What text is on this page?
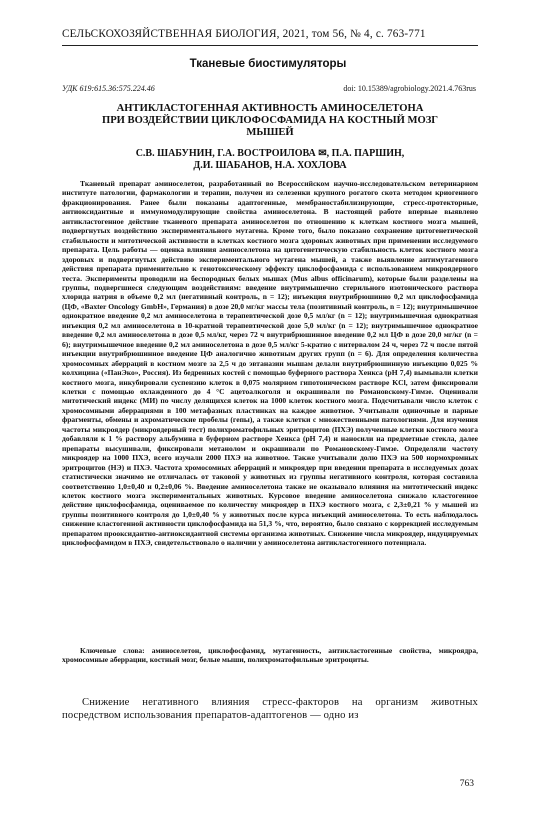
СЕЛЬСКОХОЗЯЙСТВЕННАЯ БИОЛОГИЯ, 2021, том 56, № 4, с. 763-771
Тканевые биостимуляторы
УДК 619:615.36:575.224.46	doi: 10.15389/agrobiology.2021.4.763rus
АНТИКЛАСТОГЕННАЯ АКТИВНОСТЬ АМИНОСЕЛЕТОНА
ПРИ ВОЗДЕЙСТВИИ ЦИКЛОФОСФАМИДА НА КОСТНЫЙ МОЗГ
МЫШЕЙ
С.В. ШАБУНИН, Г.А. ВОСТРОИЛОВА ✉, П.А. ПАРШИН,
Д.И. ШАБАНОВ, Н.А. ХОХЛОВА
Тканевый препарат аминоселетон, разработанный во Всероссийском научно-исследовательском ветеринарном институте патологии, фармакологии и терапии, получен из селезенки крупного рогатого скота методом криогенного фракционирования. Ранее были показаны адаптогенные, мембраностабилизирующие, стресс-протекторные, антиоксидантные и иммуномодулирующие свойства аминоселетона. В настоящей работе впервые выявлено антикластогенное действие тканевого препарата аминоселетон по отношению к клеткам костного мозга мышей, подвергнутых воздействию экспериментального мутагена. Кроме того, было показано сохранение цитогенетической стабильности и митотической активности в клетках костного мозга здоровых животных при применении исследуемого препарата. Цель работы — оценка влияния аминоселетона на цитогенетическую стабильность клеток костного мозга здоровых и подвергнутых действию экспериментального мутагена мышей, а также выявление антимутагенного действия препарата применительно к генотоксическому эффекту циклофосфамида с использованием микроядерного теста. Эксперименты проводили на беспородных белых мышах (Mus albus officinarum), которые были разделены на группы, подвергшиеся следующим воздействиям: введение внутримышечно стерильного изотонического раствора хлорида натрия в объеме 0,2 мл (негативный контроль, n = 12); инъекция внутрибрюшинно 0,2 мл циклофосфамида (ЦФ, «Baxter Oncology GmbH», Германия) в дозе 20,0 мг/кг массы тела (позитивный контроль, n = 12); внутримышечное однократное введение 0,2 мл аминоселетона в терапевтической дозе 0,5 мл/кг (n = 12); внутримышечная однократная инъекция 0,2 мл аминоселетона в 10-кратной терапевтической дозе 5,0 мл/кг (n = 12); внутримышечное однократное введение 0,2 мл аминоселетона в дозе 0,5 мл/кг, через 72 ч внутрибрюшинное введение 0,2 мл ЦФ в дозе 20,0 мг/кг (n = 6); внутримышечное введение 0,2 мл аминоселетона в дозе 0,5 мл/кг 5-кратно с интервалом 24 ч, через 72 ч после пятой инъекции внутрибрюшинное введение ЦФ аналогично животным других групп (n = 6). Для определения количества хромосомных аберраций в костном мозге за 2,5 ч до эвтаназии мышам делали внутрибрюшинную инъекцию 0,025 % колхицина («ПанЭко», Россия). Из бедренных костей с помощью буферного раствора Хенкса (рН 7,4) вымывали клетки костного мозга, инкубировали суспензию клеток в 0,075 молярном гипотоническом растворе KCl, затем фиксировали клетки с помощью охлажденного до 4 °С ацетоалкоголя и окрашивали по Романовскому-Гимзе. Оценивали митотический индекс (МИ) по числу делящихся клеток на 1000 клеток костного мозга. Подсчитывали число клеток с хромосомными аберрациями в 100 метафазных пластинках на каждое животное. Учитывали одиночные и парные фрагменты, обмены и ахроматические пробелы (гепы), а также клетки с множественными патологиями. Для изучения частоты микроядер (микроядерный тест) полихроматофильных эритроцитов (ПХЭ) полученные клетки костного мозга добавляли к 1 % раствору альбумина в буферном растворе Хенкса (рН 7,4) и наносили на предметные стекла, далее препараты высушивали, фиксировали метанолом и окрашивали по Романовскому-Гимзе. Определяли частоту микроядер на 1000 ПХЭ, всего изучали 2000 ПХЭ на животное. Также учитывали долю ПХЭ на 500 нормохромных эритроцитов (НЭ) и ПХЭ. Частота хромосомных аберраций и микроядер при введении препарата в исследуемых дозах статистически значимо не отличалась от таковой у животных из группы негативного контроля, которая составила соответственно 1,0±0,40 и 0,2±0,06 %. Введение аминоселетона также не оказывало влияния на митотический индекс клеток костного мозга экспериментальных животных. Курсовое введение аминоселетона снижало кластогенное действие циклофосфамида, оцениваемое по количеству микроядер в ПХЭ костного мозга, с 2,3±0,21 % у мышей из группы позитивного контроля до 1,0±0,40 % у животных после курса инъекций аминоселетона. То есть наблюдалось снижение кластогенной активности циклофосфамида на 51,3 %, что, вероятно, было связано с коррекцией исследуемым препаратом прооксидантно-антиоксидантной системы организма животных. Снижение числа микроядер, индуцируемых циклофосфамидом в ПХЭ, свидетельствовало о наличии у аминоселетона антикластогенного потенциала.
Ключевые слова: аминоселетон, циклофосфамид, мутагенность, антикластогенные свойства, микроядра, хромосомные аберрации, костный мозг, белые мыши, полихроматофильные эритроциты.
Снижение негативного влияния стресс-факторов на организм животных посредством использования препаратов-адаптогенов — одно из
763
